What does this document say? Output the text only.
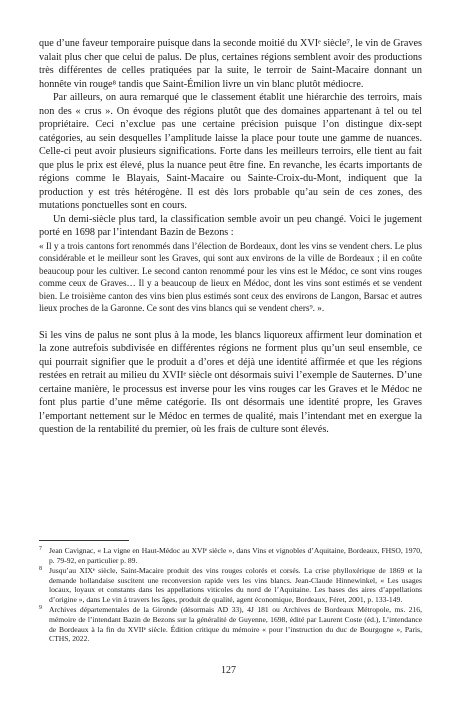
que d’une faveur temporaire puisque dans la seconde moitié du XVIᵉ siècle⁷, le vin de Graves valait plus cher que celui de palus. De plus, certaines régions semblent avoir des productions très différentes de celles pratiquées par la suite, le terroir de Saint-Macaire donnant un honnête vin rouge⁸ tandis que Saint-Émilion livre un vin blanc plutôt médiocre.

Par ailleurs, on aura remarqué que le classement établit une hiérarchie des terroirs, mais non des « crus ». On évoque des régions plutôt que des domaines appartenant à tel ou tel propriétaire. Ceci n’exclue pas une certaine précision puisque l’on distingue dix-sept catégories, au sein desquelles l’amplitude laisse la place pour toute une gamme de nuances. Celle-ci peut avoir plusieurs significations. Forte dans les meilleurs terroirs, elle tient au fait que plus le prix est élevé, plus la nuance peut être fine. En revanche, les écarts importants de régions comme le Blayais, Saint-Macaire ou Sainte-Croix-du-Mont, indiquent que la production y est très hétérogène. Il est dès lors probable qu’au sein de ces zones, des mutations ponctuelles sont en cours.

Un demi-siècle plus tard, la classification semble avoir un peu changé. Voici le jugement porté en 1698 par l’intendant Bazin de Bezons :

« Il y a trois cantons fort renommés dans l’élection de Bordeaux, dont les vins se vendent chers. Le plus considérable et le meilleur sont les Graves, qui sont aux environs de la ville de Bordeaux ; il en coûte beaucoup pour les cultiver. Le second canton renommé pour les vins est le Médoc, ce sont vins rouges comme ceux de Graves… Il y a beaucoup de lieux en Médoc, dont les vins sont estimés et se vendent bien. Le troisième canton des vins bien plus estimés sont ceux des environs de Langon, Barsac et autres lieux proches de la Garonne. Ce sont des vins blancs qui se vendent chers⁹. ».

Si les vins de palus ne sont plus à la mode, les blancs liquoreux affirment leur domination et la zone autrefois subdivisée en différentes régions ne forment plus qu’un seul ensemble, ce qui pourrait signifier que le produit a d’ores et déjà une identité affirmée et que les régions restées en retrait au milieu du XVIIᵉ siècle ont désormais suivi l’exemple de Sauternes. D’une certaine manière, le processus est inverse pour les vins rouges car les Graves et le Médoc ne font plus partie d’une même catégorie. Ils ont désormais une identité propre, les Graves l’emportant nettement sur le Médoc en termes de qualité, mais l’intendant met en exergue la question de la rentabilité du premier, où les frais de culture sont élevés.

7 Jean Cavignac, « La vigne en Haut-Médoc au XVIᵉ siècle », dans Vins et vignobles d’Aquitaine, Bordeaux, FHSO, 1970, p. 79-92, en particulier p. 89.
8 Jusqu’au XIXᵉ siècle, Saint-Macaire produit des vins rouges colorés et corsés. La crise phylloxérique de 1869 et la demande hollandaise suscitent une reconversion rapide vers les vins blancs. Jean-Claude Hinnewinkel, « Les usages locaux, loyaux et constants dans les appellations viticoles du nord de l’Aquitaine. Les bases des aires d’appellations d’origine », dans Le vin à travers les âges, produit de qualité, agent économique, Bordeaux, Féret, 2001, p. 133-149.
9 Archives départementales de la Gironde (désormais AD 33), 4J 181 ou Archives de Bordeaux Métropole, ms. 216, mémoire de l’intendant Bazin de Bezons sur la généralité de Guyenne, 1698, édité par Laurent Coste (éd.), L’intendance de Bordeaux à la fin du XVIIᵉ siècle. Édition critique du mémoire « pour l’instruction du duc de Bourgogne », Paris, CTHS, 2022.
127
